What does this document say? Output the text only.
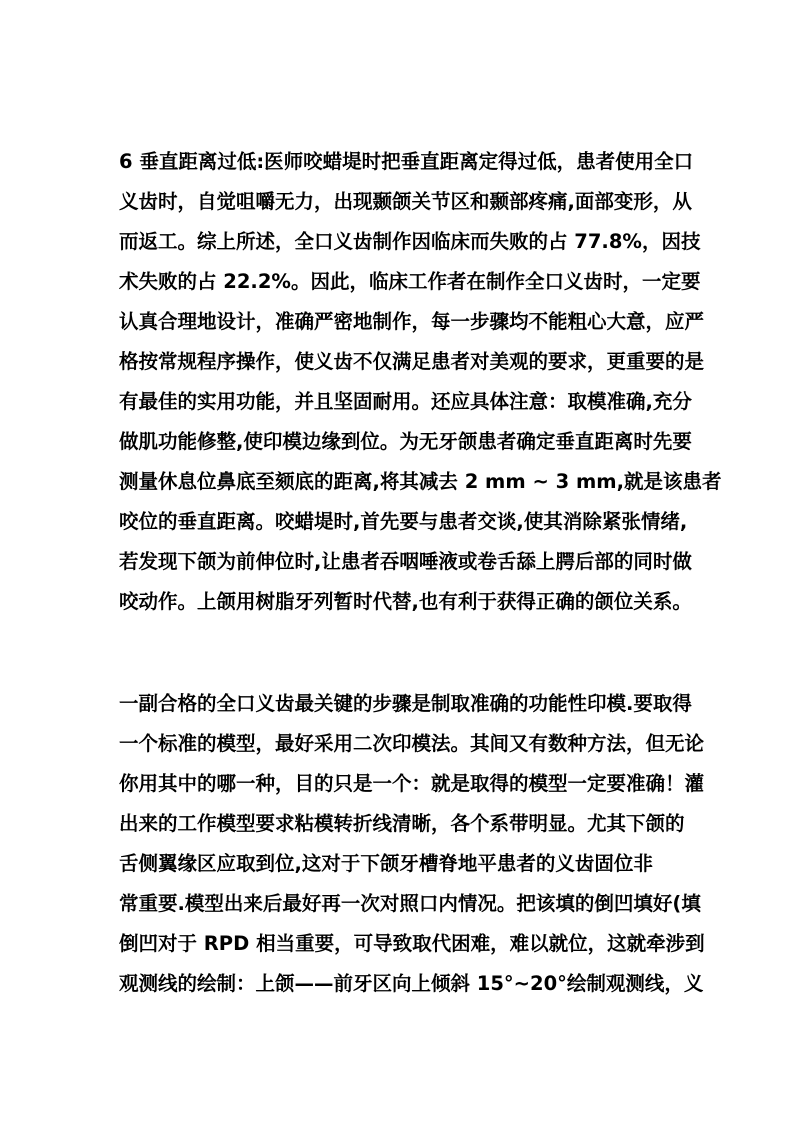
6 垂直距离过低:医师咬蜡堤时把垂直距离定得过低，患者使用全口
义齿时，自觉咀嚼无力，出现颞颌关节区和颞部疼痛,面部变形，从
而返工。综上所述，全口义齿制作因临床而失败的占 77.8%，因技
术失败的占 22.2%。因此，临床工作者在制作全口义齿时，一定要
认真合理地设计，准确严密地制作，每一步骤均不能粗心大意，应严
格按常规程序操作，使义齿不仅满足患者对美观的要求，更重要的是
有最佳的实用功能，并且坚固耐用。还应具体注意：取模准确,充分
做肌功能修整,使印模边缘到位。为无牙颌患者确定垂直距离时先要
测量休息位鼻底至颏底的距离,将其减去 2 mm ~ 3 mm,就是该患者
咬位的垂直距离。咬蜡堤时,首先要与患者交谈,使其消除紧张情绪,
若发现下颌为前伸位时,让患者吞咽唾液或卷舌舔上腭后部的同时做
咬动作。上颌用树脂牙列暂时代替,也有利于获得正确的颌位关系。
一副合格的全口义齿最关键的步骤是制取准确的功能性印模.要取得
一个标准的模型，最好采用二次印模法。其间又有数种方法，但无论
你用其中的哪一种，目的只是一个：就是取得的模型一定要准确！灌
出来的工作模型要求粘模转折线清晰，各个系带明显。尤其下颌的
舌侧翼缘区应取到位,这对于下颌牙槽脊地平患者的义齿固位非
常重要.模型出来后最好再一次对照口内情况。把该填的倒凹填好(填
倒凹对于 RPD 相当重要，可导致取代困难，难以就位，这就牵涉到
观测线的绘制：上颌——前牙区向上倾斜 15°~20°绘制观测线，义
